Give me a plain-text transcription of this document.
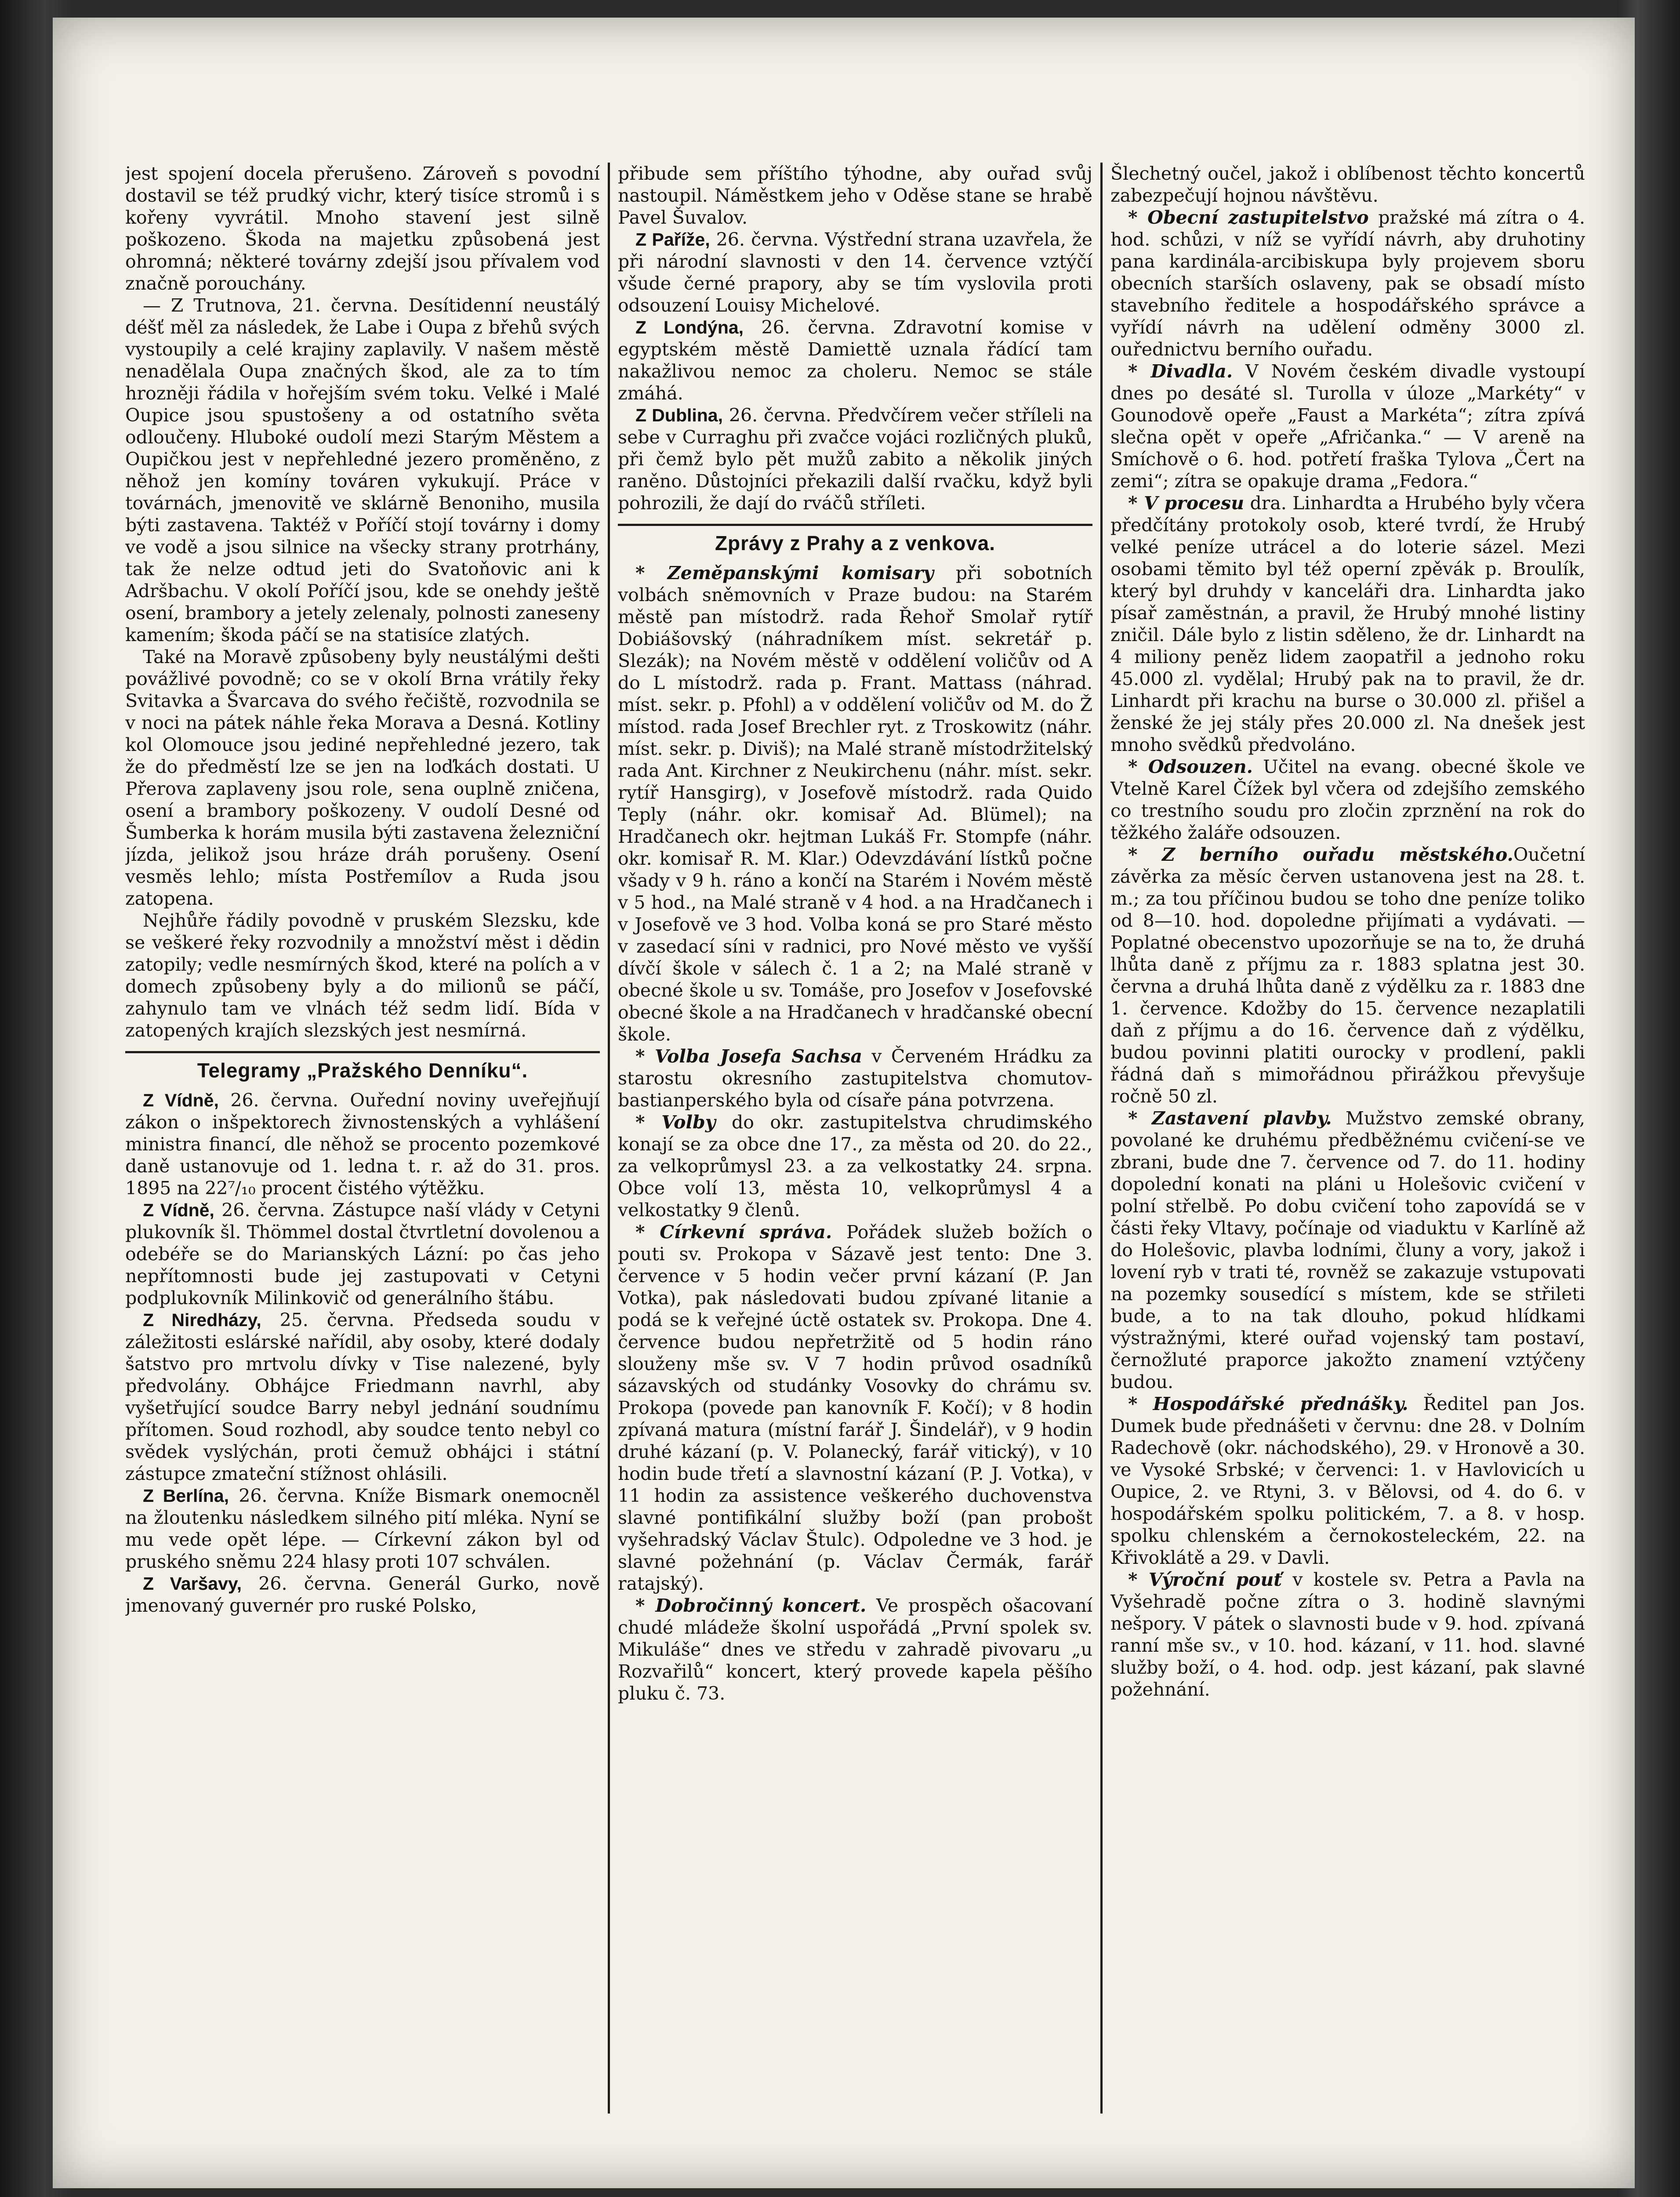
jest spojení docela přerušeno. Zároveň s povodní dostavil se též prudký vichr, který tisíce stromů i s kořeny vyvrátil. Mnoho stavení jest silně poškozeno. Škoda na majetku způsobená jest ohromná; některé továrny zdejší jsou přívalem vod značně porouchány.

— Z Trutnova, 21. června. Desítidenní neustálý déšť měl za následek, že Labe i Oupa z břehů svých vystoupily a celé krajiny zaplavily. V našem městě nenadělala Oupa značných škod, ale za to tím hrozněji řádila v hořejším svém toku. Velké i Malé Oupice jsou spustošeny a od ostatního světa odloučeny. Hluboké oudolí mezi Starým Městem a Oupičkou jest v nepřehledné jezero proměněno, z něhož jen komíny továren vykukují. Práce v továrnách, jmenovitě ve sklárně Benoniho, musila býti zastavena. Taktéž v Poříčí stojí továrny i domy ve vodě a jsou silnice na všecky strany protrhány, tak že nelze odtud jeti do Svatoňovic ani k Adršbachu. V okolí Poříčí jsou, kde se onehdy ještě osení, brambory a jetely zelenaly, polnosti zaneseny kamením; škoda páčí se na statisíce zlatých.

Také na Moravě způsobeny byly neustálými dešti povážlivé povodně; co se v okolí Brna vrátily řeky Svitavka a Švarcava do svého řečiště, rozvodnila se v noci na pátek náhle řeka Morava a Desná. Kotliny kol Olomouce jsou jediné nepřehledné jezero, tak že do předměstí lze se jen na loďkách dostati. U Přerova zaplaveny jsou role, sena ouplně zničena, osení a brambory poškozeny. V oudolí Desné od Šumberka k horám musila býti zastavena železniční jízda, jelikož jsou hráze dráh porušeny. Osení vesměs lehlo; místa Postřemílov a Ruda jsou zatopena.

Nejhůře řádily povodně v pruském Slezsku, kde se veškeré řeky rozvodnily a množství měst i dědin zatopily; vedle nesmírných škod, které na polích a v domech způsobeny byly a do milionů se páčí, zahynulo tam ve vlnách též sedm lidí. Bída v zatopených krajích slezských jest nesmírná.

Telegramy „Pražského Denníku“.

Z Vídně, 26. června. Ouřední noviny uveřejňují zákon o inšpektorech živnostenských a vyhlášení ministra financí, dle něhož se procento pozemkové daně ustanovuje od 1. ledna t. r. až do 31. pros. 1895 na 22⁷/₁₀ procent čistého výtěžku.

Z Vídně, 26. června. Zástupce naší vlády v Cetyni plukovník šl. Thömmel dostal čtvrtletní dovolenou a odebéře se do Marianských Lázní: po čas jeho nepřítomnosti bude jej zastupovati v Cetyni podplukovník Milinkovič od generálního štábu.

Z Niredházy, 25. června. Předseda soudu v záležitosti eslárské nařídil, aby osoby, které dodaly šatstvo pro mrtvolu dívky v Tise nalezené, byly předvolány. Obhájce Friedmann navrhl, aby vyšetřující soudce Barry nebyl jednání soudnímu přítomen. Soud rozhodl, aby soudce tento nebyl co svědek vyslýchán, proti čemuž obhájci i státní zástupce zmateční stížnost ohlásili.

Z Berlína, 26. června. Kníže Bismark onemocněl na žloutenku následkem silného pití mléka. Nyní se mu vede opět lépe. — Církevní zákon byl od pruského sněmu 224 hlasy proti 107 schválen.

Z Varšavy, 26. června. Generál Gurko, nově jmenovaný guvernér pro ruské Polsko,

přibude sem příštího týhodne, aby ouřad svůj nastoupil. Náměstkem jeho v Oděse stane se hrabě Pavel Šuvalov.

Z Paříže, 26. června. Výstřední strana uzavřela, že při národní slavnosti v den 14. července vztýčí všude černé prapory, aby se tím vyslovila proti odsouzení Louisy Michelové.

Z Londýna, 26. června. Zdravotní komise v egyptském městě Damiettě uznala řádící tam nakažlivou nemoc za choleru. Nemoc se stále zmáhá.

Z Dublina, 26. června. Předvčírem večer stříleli na sebe v Curraghu při zvačce vojáci rozličných pluků, při čemž bylo pět mužů zabito a několik jiných raněno. Důstojníci překazili další rvačku, když byli pohrozili, že dají do rváčů stříleti.

Zprávy z Prahy a z venkova.

* Zeměpanskými komisary při sobotních volbách sněmovních v Praze budou: na Starém městě pan místodrž. rada Řehoř Smolař rytíř Dobiášovský (náhradníkem míst. sekretář p. Slezák); na Novém městě v oddělení voličův od A do L místodrž. rada p. Frant. Mattass (náhrad. míst. sekr. p. Pfohl) a v oddělení voličův od M. do Ž místod. rada Josef Brechler ryt. z Troskowitz (náhr. míst. sekr. p. Diviš); na Malé straně místodržitelský rada Ant. Kirchner z Neukirchenu (náhr. míst. sekr. rytíř Hansgirg), v Josefově místodrž. rada Quido Teply (náhr. okr. komisař Ad. Blümel); na Hradčanech okr. hejtman Lukáš Fr. Stompfe (náhr. okr. komisař R. M. Klar.) Odevzdávání lístků počne všady v 9 h. ráno a končí na Starém i Novém městě v 5 hod., na Malé straně v 4 hod. a na Hradčanech i v Josefově ve 3 hod. Volba koná se pro Staré město v zasedací síni v radnici, pro Nové město ve vyšší dívčí škole v sálech č. 1 a 2; na Malé straně v obecné škole u sv. Tomáše, pro Josefov v Josefovské obecné škole a na Hradčanech v hradčanské obecní škole.

* Volba Josefa Sachsa v Červeném Hrádku za starostu okresního zastupitelstva chomutov-bastianperského byla od císaře pána potvrzena.

* Volby do okr. zastupitelstva chrudimského konají se za obce dne 17., za města od 20. do 22., za velkoprůmysl 23. a za velkostatky 24. srpna. Obce volí 13, města 10, velkoprůmysl 4 a velkostatky 9 členů.

* Církevní správa. Pořádek služeb božích o pouti sv. Prokopa v Sázavě jest tento: Dne 3. července v 5 hodin večer první kázaní (P. Jan Votka), pak následovati budou zpívané litanie a podá se k veřejné úctě ostatek sv. Prokopa. Dne 4. července budou nepřetržitě od 5 hodin ráno slouženy mše sv. V 7 hodin průvod osadníků sázavských od studánky Vosovky do chrámu sv. Prokopa (povede pan kanovník F. Kočí); v 8 hodin zpívaná matura (místní farář J. Šindelář), v 9 hodin druhé kázaní (p. V. Polanecký, farář vitický), v 10 hodin bude třetí a slavnostní kázaní (P. J. Votka), v 11 hodin za assistence veškerého duchovenstva slavné pontifikální služby boží (pan probošt vyšehradský Václav Štulc). Odpoledne ve 3 hod. je slavné požehnání (p. Václav Čermák, farář ratajský).

* Dobročinný koncert. Ve prospěch ošacovaní chudé mládeže školní uspořádá „První spolek sv. Mikuláše“ dnes ve středu v zahradě pivovaru „u Rozvařilů“ koncert, který provede kapela pěšího pluku č. 73.

Šlechetný oučel, jakož i oblíbenost těchto koncertů zabezpečují hojnou návštěvu.

* Obecní zastupitelstvo pražské má zítra o 4. hod. schůzi, v níž se vyřídí návrh, aby druhotiny pana kardinála-arcibiskupa byly projevem sboru obecních starších oslaveny, pak se obsadí místo stavebního ředitele a hospodářského správce a vyřídí návrh na udělení odměny 3000 zl. ouřednictvu berního ouřadu.

* Divadla. V Novém českém divadle vystoupí dnes po desáté sl. Turolla v úloze „Markéty“ v Gounodově opeře „Faust a Markéta“; zítra zpívá slečna opět v opeře „Afričanka.“ — V areně na Smíchově o 6. hod. potřetí fraška Tylova „Čert na zemi“; zítra se opakuje drama „Fedora.“

* V procesu dra. Linhardta a Hrubého byly včera předčítány protokoly osob, které tvrdí, že Hrubý velké peníze utrácel a do loterie sázel. Mezi osobami těmito byl též operní zpěvák p. Broulík, který byl druhdy v kanceláři dra. Linhardta jako písař zaměstnán, a pravil, že Hrubý mnohé listiny zničil. Dále bylo z listin sděleno, že dr. Linhardt na 4 miliony peněz lidem zaopatřil a jednoho roku 45.000 zl. vydělal; Hrubý pak na to pravil, že dr. Linhardt při krachu na burse o 30.000 zl. přišel a ženské že jej stály přes 20.000 zl. Na dnešek jest mnoho svědků předvoláno.

* Odsouzen. Učitel na evang. obecné škole ve Vtelně Karel Čížek byl včera od zdejšího zemského co trestního soudu pro zločin zprznění na rok do těžkého žaláře odsouzen.

* Z berního ouřadu městského.Oučetní závěrka za měsíc červen ustanovena jest na 28. t. m.; za tou příčinou budou se toho dne peníze toliko od 8—10. hod. dopoledne přijímati a vydávati. — Poplatné obecenstvo upozorňuje se na to, že druhá lhůta daně z příjmu za r. 1883 splatna jest 30. června a druhá lhůta daně z výdělku za r. 1883 dne 1. července. Kdožby do 15. července nezaplatili daň z příjmu a do 16. července daň z výdělku, budou povinni platiti ourocky v prodlení, pakli řádná daň s mimořádnou přirážkou převyšuje ročně 50 zl.

* Zastavení plavby. Mužstvo zemské obrany, povolané ke druhému předběžnému cvičení-se ve zbrani, bude dne 7. července od 7. do 11. hodiny dopolední konati na pláni u Holešovic cvičení v polní střelbě. Po dobu cvičení toho zapovídá se v části řeky Vltavy, počínaje od viaduktu v Karlíně až do Holešovic, plavba lodními, čluny a vory, jakož i lovení ryb v trati té, rovněž se zakazuje vstupovati na pozemky sousedící s místem, kde se střileti bude, a to na tak dlouho, pokud hlídkami výstražnými, které ouřad vojenský tam postaví, černožluté praporce jakožto znamení vztýčeny budou.

* Hospodářské přednášky. Ředitel pan Jos. Dumek bude přednášeti v červnu: dne 28. v Dolním Radechově (okr. náchodského), 29. v Hronově a 30. ve Vysoké Srbské; v červenci: 1. v Havlovicích u Oupice, 2. ve Rtyni, 3. v Bělovsi, od 4. do 6. v hospodářském spolku politickém, 7. a 8. v hosp. spolku chlenském a černokosteleckém, 22. na Křivoklátě a 29. v Davli.

* Výroční pouť v kostele sv. Petra a Pavla na Vyšehradě počne zítra o 3. hodině slavnými nešpory. V pátek o slavnosti bude v 9. hod. zpívaná ranní mše sv., v 10. hod. kázaní, v 11. hod. slavné služby boží, o 4. hod. odp. jest kázaní, pak slavné požehnání.
